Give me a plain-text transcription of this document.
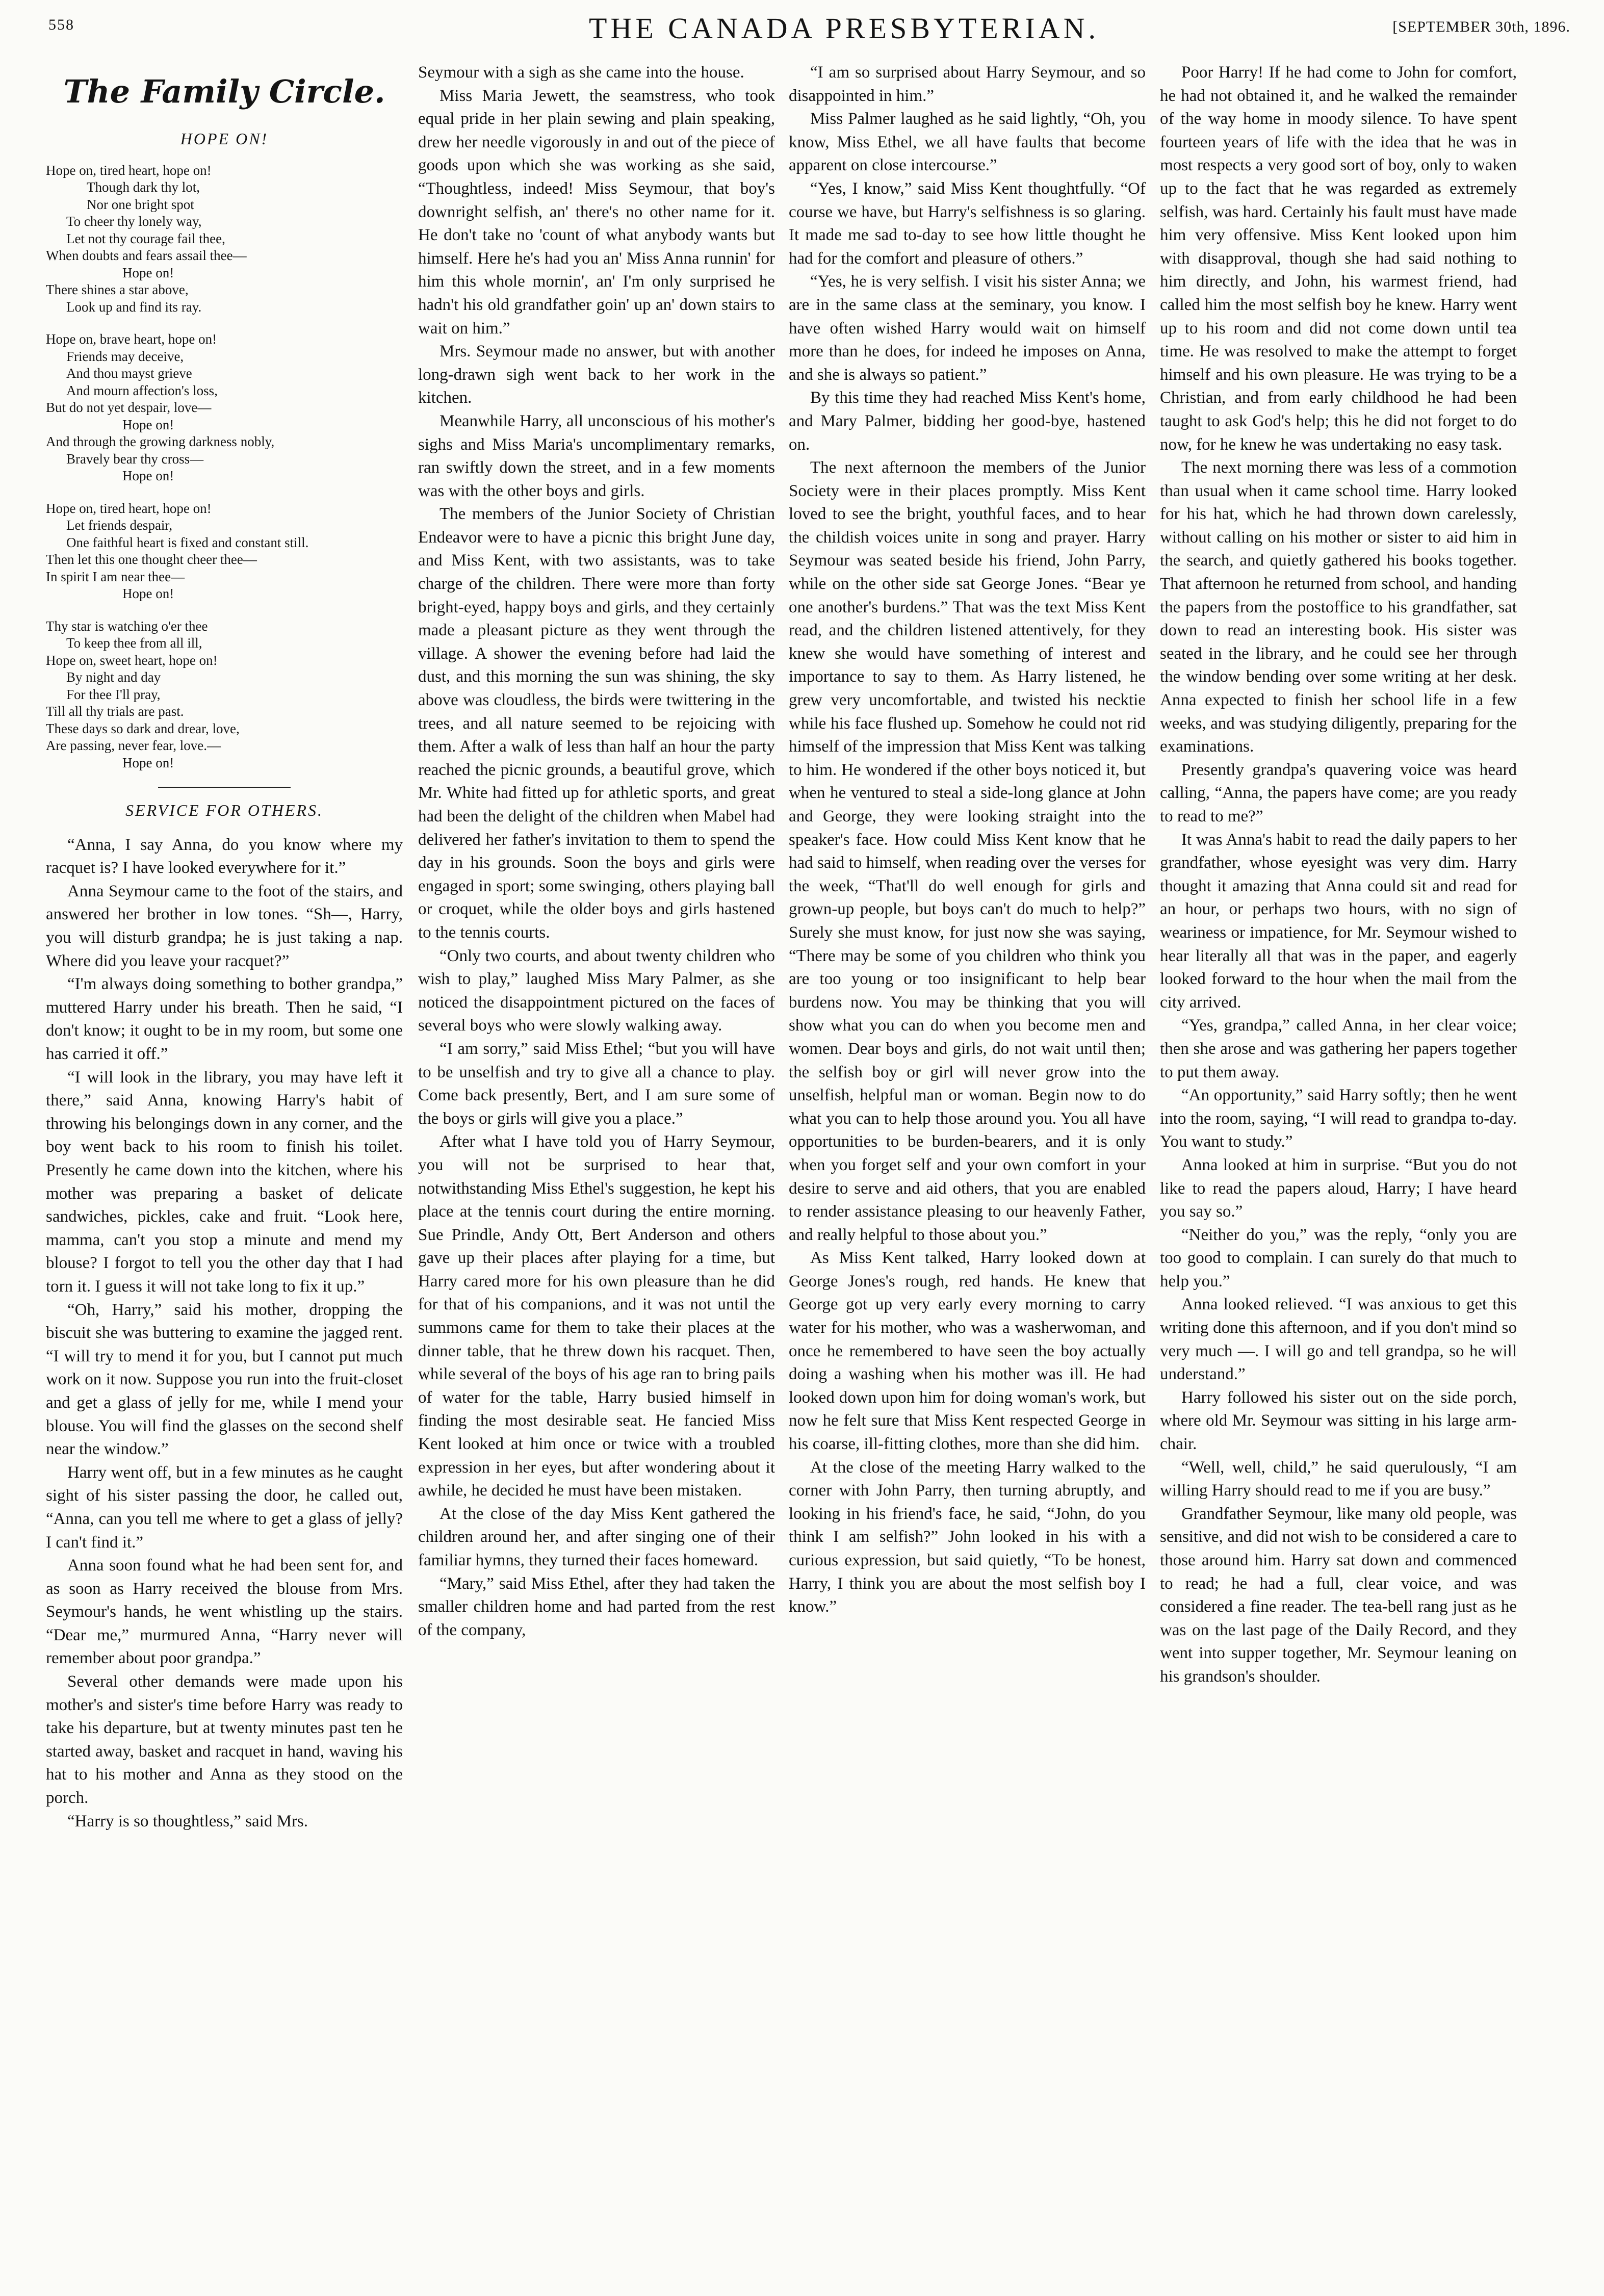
558	THE CANADA PRESBYTERIAN.	[SEPTEMBER 30th, 1896.
The Family Circle.
HOPE ON!

Hope on, tired heart, hope on!

Though dark thy lot,

Nor one bright spot

To cheer thy lonely way,

Let not thy courage fail thee,

When doubts and fears assail thee—

Hope on!

There shines a star above,

Look up and find its ray.

Hope on, brave heart, hope on!

Friends may deceive,

And thou mayst grieve

And mourn affection's loss,

But do not yet despair, love—

Hope on!

And through the growing darkness nobly,

Bravely bear thy cross—

Hope on!

Hope on, tired heart, hope on!

Let friends despair,

One faithful heart is fixed and constant still.

Then let this one thought cheer thee—

In spirit I am near thee—

Hope on!

Thy star is watching o'er thee

To keep thee from all ill,

Hope on, sweet heart, hope on!

By night and day

For thee I'll pray,

Till all thy trials are past.

These days so dark and drear, love,

Are passing, never fear, love.—

Hope on!

SERVICE FOR OTHERS.

“Anna, I say Anna, do you know where my racquet is? I have looked everywhere for it.”

Anna Seymour came to the foot of the stairs, and answered her brother in low tones. “Sh—, Harry, you will disturb grandpa; he is just taking a nap. Where did you leave your racquet?”

“I'm always doing something to bother grandpa,” muttered Harry under his breath. Then he said, “I don't know; it ought to be in my room, but some one has carried it off.”

“I will look in the library, you may have left it there,” said Anna, knowing Harry's habit of throwing his belongings down in any corner, and the boy went back to his room to finish his toilet. Presently he came down into the kitchen, where his mother was preparing a basket of delicate sandwiches, pickles, cake and fruit. “Look here, mamma, can't you stop a minute and mend my blouse? I forgot to tell you the other day that I had torn it. I guess it will not take long to fix it up.”

“Oh, Harry,” said his mother, dropping the biscuit she was buttering to examine the jagged rent. “I will try to mend it for you, but I cannot put much work on it now. Suppose you run into the fruit-closet and get a glass of jelly for me, while I mend your blouse. You will find the glasses on the second shelf near the window.”

Harry went off, but in a few minutes as he caught sight of his sister passing the door, he called out, “Anna, can you tell me where to get a glass of jelly? I can't find it.”

Anna soon found what he had been sent for, and as soon as Harry received the blouse from Mrs. Seymour's hands, he went whistling up the stairs. “Dear me,” murmured Anna, “Harry never will remember about poor grandpa.”

Several other demands were made upon his mother's and sister's time before Harry was ready to take his departure, but at twenty minutes past ten he started away, basket and racquet in hand, waving his hat to his mother and Anna as they stood on the porch.

“Harry is so thoughtless,” said Mrs.

Seymour with a sigh as she came into the house.

Miss Maria Jewett, the seamstress, who took equal pride in her plain sewing and plain speaking, drew her needle vigorously in and out of the piece of goods upon which she was working as she said, “Thoughtless, indeed! Miss Seymour, that boy's downright selfish, an' there's no other name for it. He don't take no 'count of what anybody wants but himself. Here he's had you an' Miss Anna runnin' for him this whole mornin', an' I'm only surprised he hadn't his old grandfather goin' up an' down stairs to wait on him.”

Mrs. Seymour made no answer, but with another long-drawn sigh went back to her work in the kitchen.

Meanwhile Harry, all unconscious of his mother's sighs and Miss Maria's uncomplimentary remarks, ran swiftly down the street, and in a few moments was with the other boys and girls.

The members of the Junior Society of Christian Endeavor were to have a picnic this bright June day, and Miss Kent, with two assistants, was to take charge of the children. There were more than forty bright-eyed, happy boys and girls, and they certainly made a pleasant picture as they went through the village. A shower the evening before had laid the dust, and this morning the sun was shining, the sky above was cloudless, the birds were twittering in the trees, and all nature seemed to be rejoicing with them. After a walk of less than half an hour the party reached the picnic grounds, a beautiful grove, which Mr. White had fitted up for athletic sports, and great had been the delight of the children when Mabel had delivered her father's invitation to them to spend the day in his grounds. Soon the boys and girls were engaged in sport; some swinging, others playing ball or croquet, while the older boys and girls hastened to the tennis courts.

“Only two courts, and about twenty children who wish to play,” laughed Miss Mary Palmer, as she noticed the disappointment pictured on the faces of several boys who were slowly walking away.

“I am sorry,” said Miss Ethel; “but you will have to be unselfish and try to give all a chance to play. Come back presently, Bert, and I am sure some of the boys or girls will give you a place.”

After what I have told you of Harry Seymour, you will not be surprised to hear that, notwithstanding Miss Ethel's suggestion, he kept his place at the tennis court during the entire morning. Sue Prindle, Andy Ott, Bert Anderson and others gave up their places after playing for a time, but Harry cared more for his own pleasure than he did for that of his companions, and it was not until the summons came for them to take their places at the dinner table, that he threw down his racquet. Then, while several of the boys of his age ran to bring pails of water for the table, Harry busied himself in finding the most desirable seat. He fancied Miss Kent looked at him once or twice with a troubled expression in her eyes, but after wondering about it awhile, he decided he must have been mistaken.

At the close of the day Miss Kent gathered the children around her, and after singing one of their familiar hymns, they turned their faces homeward.

“Mary,” said Miss Ethel, after they had taken the smaller children home and had parted from the rest of the company,

“I am so surprised about Harry Seymour, and so disappointed in him.”

Miss Palmer laughed as he said lightly, “Oh, you know, Miss Ethel, we all have faults that become apparent on close intercourse.”

“Yes, I know,” said Miss Kent thoughtfully. “Of course we have, but Harry's selfishness is so glaring. It made me sad to-day to see how little thought he had for the comfort and pleasure of others.”

“Yes, he is very selfish. I visit his sister Anna; we are in the same class at the seminary, you know. I have often wished Harry would wait on himself more than he does, for indeed he imposes on Anna, and she is always so patient.”

By this time they had reached Miss Kent's home, and Mary Palmer, bidding her good-bye, hastened on.

The next afternoon the members of the Junior Society were in their places promptly. Miss Kent loved to see the bright, youthful faces, and to hear the childish voices unite in song and prayer. Harry Seymour was seated beside his friend, John Parry, while on the other side sat George Jones. “Bear ye one another's burdens.” That was the text Miss Kent read, and the children listened attentively, for they knew she would have something of interest and importance to say to them. As Harry listened, he grew very uncomfortable, and twisted his necktie while his face flushed up. Somehow he could not rid himself of the impression that Miss Kent was talking to him. He wondered if the other boys noticed it, but when he ventured to steal a side-long glance at John and George, they were looking straight into the speaker's face. How could Miss Kent know that he had said to himself, when reading over the verses for the week, “That'll do well enough for girls and grown-up people, but boys can't do much to help?” Surely she must know, for just now she was saying, “There may be some of you children who think you are too young or too insignificant to help bear burdens now. You may be thinking that you will show what you can do when you become men and women. Dear boys and girls, do not wait until then; the selfish boy or girl will never grow into the unselfish, helpful man or woman. Begin now to do what you can to help those around you. You all have opportunities to be burden-bearers, and it is only when you forget self and your own comfort in your desire to serve and aid others, that you are enabled to render assistance pleasing to our heavenly Father, and really helpful to those about you.”

As Miss Kent talked, Harry looked down at George Jones's rough, red hands. He knew that George got up very early every morning to carry water for his mother, who was a washerwoman, and once he remembered to have seen the boy actually doing a washing when his mother was ill. He had looked down upon him for doing woman's work, but now he felt sure that Miss Kent respected George in his coarse, ill-fitting clothes, more than she did him.

At the close of the meeting Harry walked to the corner with John Parry, then turning abruptly, and looking in his friend's face, he said, “John, do you think I am selfish?” John looked in his with a curious expression, but said quietly, “To be honest, Harry, I think you are about the most selfish boy I know.”

Poor Harry! If he had come to John for comfort, he had not obtained it, and he walked the remainder of the way home in moody silence. To have spent fourteen years of life with the idea that he was in most respects a very good sort of boy, only to waken up to the fact that he was regarded as extremely selfish, was hard. Certainly his fault must have made him very offensive. Miss Kent looked upon him with disapproval, though she had said nothing to him directly, and John, his warmest friend, had called him the most selfish boy he knew. Harry went up to his room and did not come down until tea time. He was resolved to make the attempt to forget himself and his own pleasure. He was trying to be a Christian, and from early childhood he had been taught to ask God's help; this he did not forget to do now, for he knew he was undertaking no easy task.

The next morning there was less of a commotion than usual when it came school time. Harry looked for his hat, which he had thrown down carelessly, without calling on his mother or sister to aid him in the search, and quietly gathered his books together. That afternoon he returned from school, and handing the papers from the postoffice to his grandfather, sat down to read an interesting book. His sister was seated in the library, and he could see her through the window bending over some writing at her desk. Anna expected to finish her school life in a few weeks, and was studying diligently, preparing for the examinations.

Presently grandpa's quavering voice was heard calling, “Anna, the papers have come; are you ready to read to me?”

It was Anna's habit to read the daily papers to her grandfather, whose eyesight was very dim. Harry thought it amazing that Anna could sit and read for an hour, or perhaps two hours, with no sign of weariness or impatience, for Mr. Seymour wished to hear literally all that was in the paper, and eagerly looked forward to the hour when the mail from the city arrived.

“Yes, grandpa,” called Anna, in her clear voice; then she arose and was gathering her papers together to put them away.

“An opportunity,” said Harry softly; then he went into the room, saying, “I will read to grandpa to-day. You want to study.”

Anna looked at him in surprise. “But you do not like to read the papers aloud, Harry; I have heard you say so.”

“Neither do you,” was the reply, “only you are too good to complain. I can surely do that much to help you.”

Anna looked relieved. “I was anxious to get this writing done this afternoon, and if you don't mind so very much —. I will go and tell grandpa, so he will understand.”

Harry followed his sister out on the side porch, where old Mr. Seymour was sitting in his large arm-chair.

“Well, well, child,” he said querulously, “I am willing Harry should read to me if you are busy.”

Grandfather Seymour, like many old people, was sensitive, and did not wish to be considered a care to those around him. Harry sat down and commenced to read; he had a full, clear voice, and was considered a fine reader. The tea-bell rang just as he was on the last page of the Daily Record, and they went into supper together, Mr. Seymour leaning on his grandson's shoulder.
